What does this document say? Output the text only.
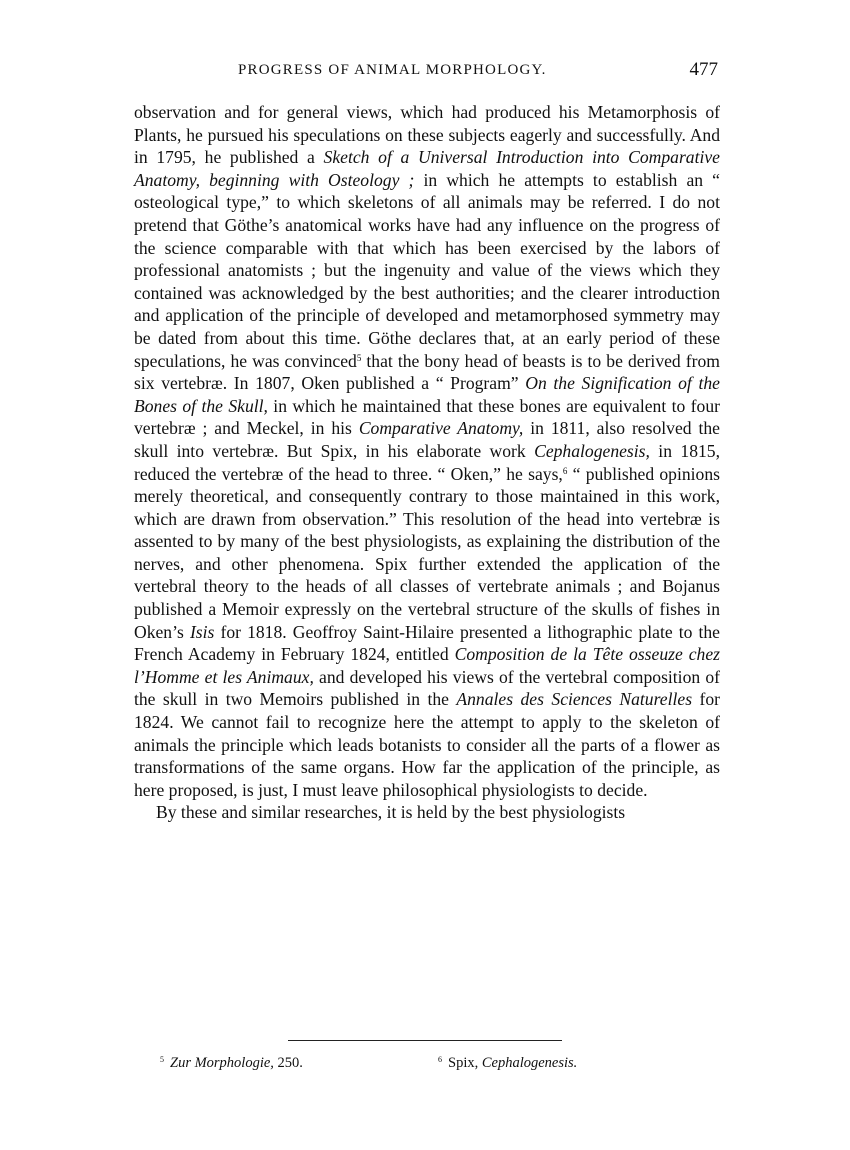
PROGRESS OF ANIMAL MORPHOLOGY.	477

observation and for general views, which had produced his Metamorphosis of Plants, he pursued his speculations on these subjects eagerly and successfully. And in 1795, he published a Sketch of a Universal Introduction into Comparative Anatomy, beginning with Osteology ; in which he attempts to establish an “ osteological type,” to which skeletons of all animals may be referred. I do not pretend that Göthe’s anatomical works have had any influence on the progress of the science comparable with that which has been exercised by the labors of professional anatomists ; but the ingenuity and value of the views which they contained was acknowledged by the best authorities; and the clearer introduction and application of the principle of developed and metamorphosed symmetry may be dated from about this time. Göthe declares that, at an early period of these speculations, he was convinced$^5$ that the bony head of beasts is to be derived from six vertebræ. In 1807, Oken published a “ Program” On the Signification of the Bones of the Skull, in which he maintained that these bones are equivalent to four vertebræ ; and Meckel, in his Comparative Anatomy, in 1811, also resolved the skull into vertebræ. But Spix, in his elaborate work Cephalogenesis, in 1815, reduced the vertebræ of the head to three. “ Oken,” he says,$^6$ “ published opinions merely theoretical, and consequently contrary to those maintained in this work, which are drawn from observation.” This resolution of the head into vertebræ is assented to by many of the best physiologists, as explaining the distribution of the nerves, and other phenomena. Spix further extended the application of the vertebral theory to the heads of all classes of vertebrate animals ; and Bojanus published a Memoir expressly on the vertebral structure of the skulls of fishes in Oken’s Isis for 1818. Geoffroy Saint-Hilaire presented a lithographic plate to the French Academy in February 1824, entitled Composition de la Tête osseuze chez l’Homme et les Animaux, and developed his views of the vertebral composition of the skull in two Memoirs published in the Annales des Sciences Naturelles for 1824. We cannot fail to recognize here the attempt to apply to the skeleton of animals the principle which leads botanists to consider all the parts of a flower as transformations of the same organs. How far the application of the principle, as here proposed, is just, I must leave philosophical physiologists to decide.

By these and similar researches, it is held by the best physiologists

$^5$ Zur Morphologie, 250.	$^6$ Spix, Cephalogenesis.
